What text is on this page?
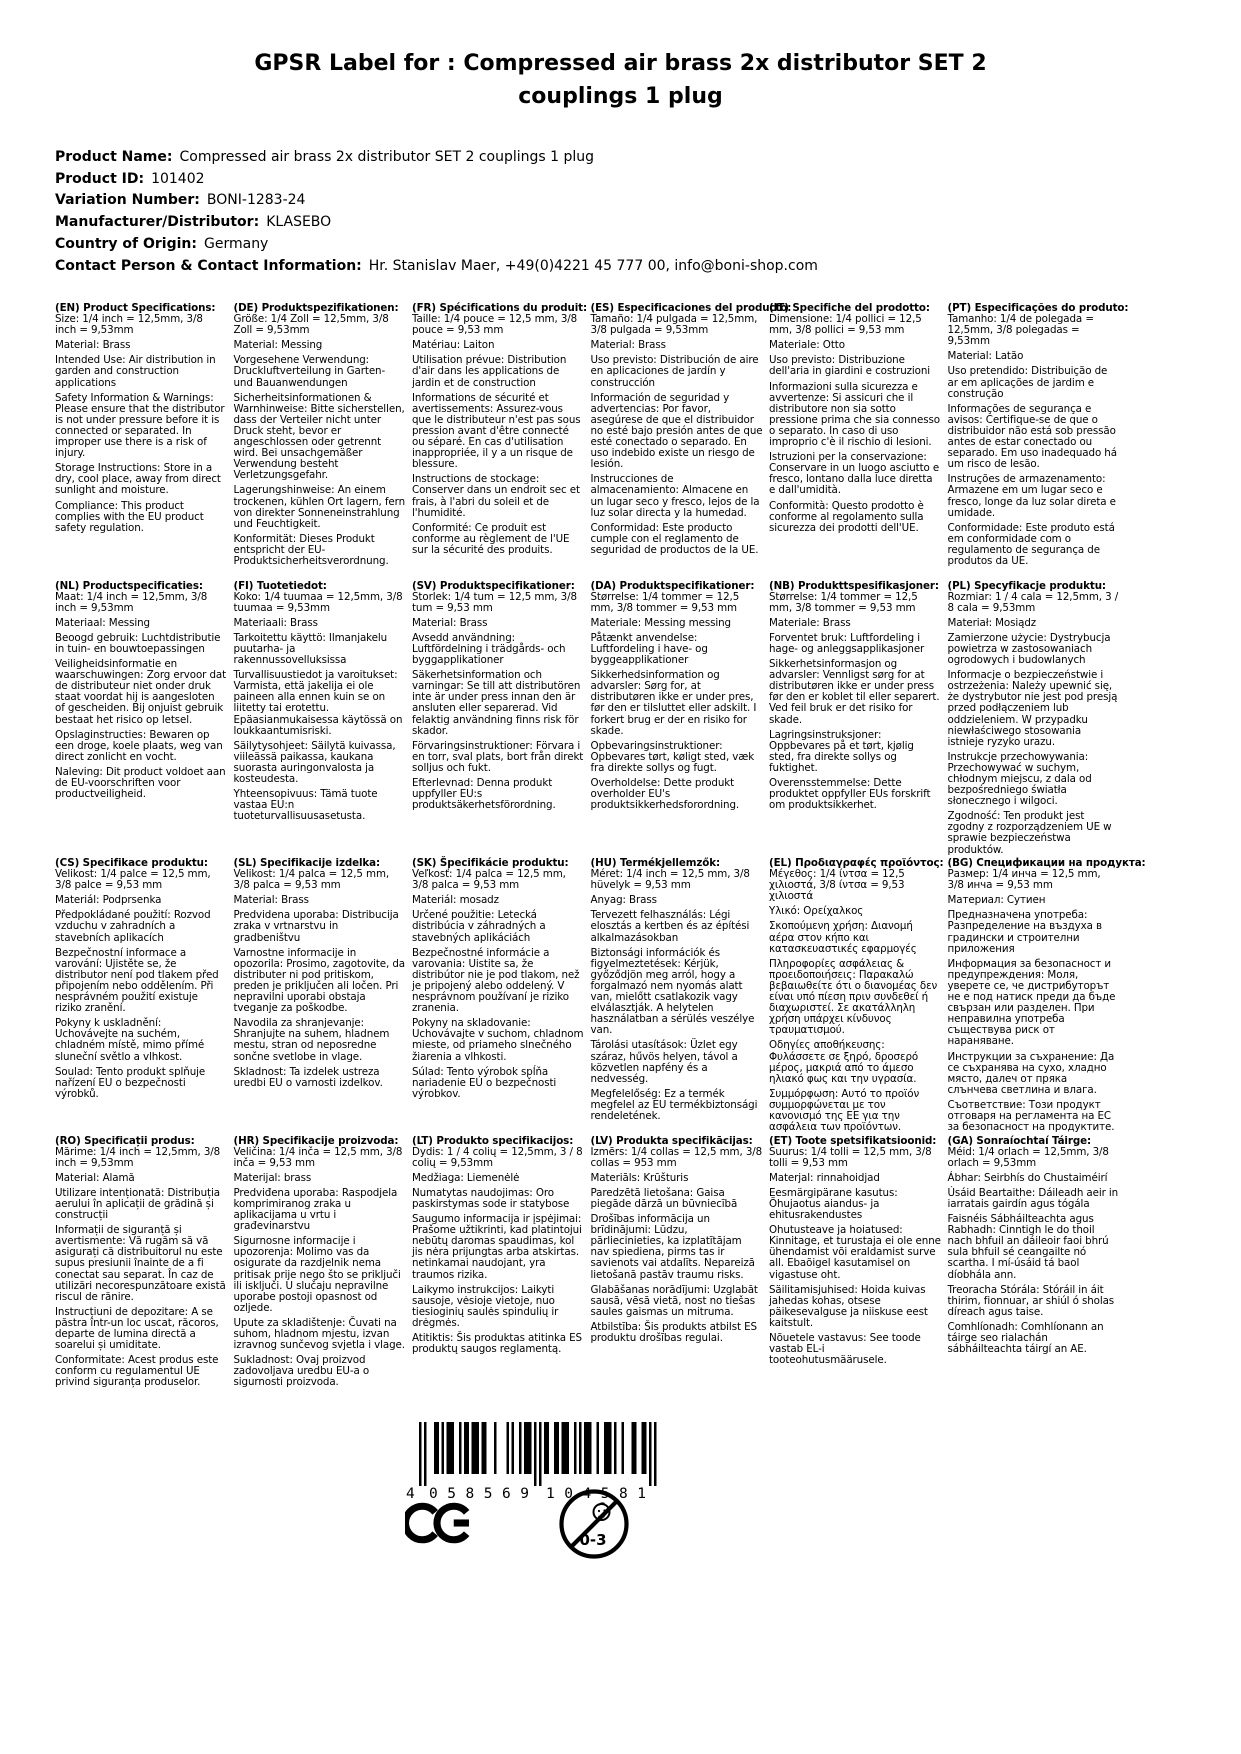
GPSR Label for : Compressed air brass 2x distributor SET 2 couplings 1 plug
Product Name: Compressed air brass 2x distributor SET 2 couplings 1 plug
Product ID: 101402
Variation Number: BONI-1283-24
Manufacturer/Distributor: KLASEBO
Country of Origin: Germany
Contact Person & Contact Information: Hr. Stanislav Maer, +49(0)4221 45 777 00, info@boni-shop.com
(EN) Product Specifications:
Size: 1/4 inch = 12,5mm, 3/8 inch = 9,53mm
Material: Brass
Intended Use: Air distribution in garden and construction applications
Safety Information & Warnings: Please ensure that the distributor is not under pressure before it is connected or separated. In improper use there is a risk of injury.
Storage Instructions: Store in a dry, cool place, away from direct sunlight and moisture.
Compliance: This product complies with the EU product safety regulation.
(DE) Produktspezifikationen:
Größe: 1/4 Zoll = 12,5mm, 3/8 Zoll = 9,53mm
Material: Messing
Vorgesehene Verwendung: Druckluftverteilung in Garten- und Bauanwendungen
Sicherheitsinformationen & Warnhinweise: Bitte sicherstellen, dass der Verteiler nicht unter Druck steht, bevor er angeschlossen oder getrennt wird. Bei unsachgemäßer Verwendung besteht Verletzungsgefahr.
Lagerungshinweise: An einem trockenen, kühlen Ort lagern, fern von direkter Sonneneinstrahlung und Feuchtigkeit.
Konformität: Dieses Produkt entspricht der EU-Produktsicherheitsverordnung.
(FR) Spécifications du produit:
Taille: 1/4 pouce = 12,5 mm, 3/8 pouce = 9,53 mm
Matériau: Laiton
Utilisation prévue: Distribution d'air dans les applications de jardin et de construction
Informations de sécurité et avertissements: Assurez-vous que le distributeur n'est pas sous pression avant d'être connecté ou séparé. En cas d'utilisation inappropriée, il y a un risque de blessure.
Instructions de stockage: Conserver dans un endroit sec et frais, à l'abri du soleil et de l'humidité.
Conformité: Ce produit est conforme au règlement de l'UE sur la sécurité des produits.
(ES) Especificaciones del producto:
Tamaño: 1/4 pulgada = 12,5mm, 3/8 pulgada = 9,53mm
Material: Brass
Uso previsto: Distribución de aire en aplicaciones de jardín y construcción
Información de seguridad y advertencias: Por favor, asegúrese de que el distribuidor no esté bajo presión antes de que esté conectado o separado. En uso indebido existe un riesgo de lesión.
Instrucciones de almacenamiento: Almacene en un lugar seco y fresco, lejos de la luz solar directa y la humedad.
Conformidad: Este producto cumple con el reglamento de seguridad de productos de la UE.
(IT) Specifiche del prodotto:
Dimensione: 1/4 pollici = 12,5 mm, 3/8 pollici = 9,53 mm
Materiale: Otto
Uso previsto: Distribuzione dell'aria in giardini e costruzioni
Informazioni sulla sicurezza e avvertenze: Si assicuri che il distributore non sia sotto pressione prima che sia connesso o separato. In caso di uso improprio c'è il rischio di lesioni.
Istruzioni per la conservazione: Conservare in un luogo asciutto e fresco, lontano dalla luce diretta e dall'umidità.
Conformità: Questo prodotto è conforme al regolamento sulla sicurezza dei prodotti dell'UE.
(PT) Especificações do produto:
Tamanho: 1/4 de polegada = 12,5mm, 3/8 polegadas = 9,53mm
Material: Latão
Uso pretendido: Distribuição de ar em aplicações de jardim e construção
Informações de segurança e avisos: Certifique-se de que o distribuidor não está sob pressão antes de estar conectado ou separado. Em uso inadequado há um risco de lesão.
Instruções de armazenamento: Armazene em um lugar seco e fresco, longe da luz solar direta e umidade.
Conformidade: Este produto está em conformidade com o regulamento de segurança de produtos da UE.
(NL) Productspecificaties:
Maat: 1/4 inch = 12,5mm, 3/8 inch = 9,53mm
Materiaal: Messing
Beoogd gebruik: Luchtdistributie in tuin- en bouwtoepassingen
Veiligheidsinformatie en waarschuwingen: Zorg ervoor dat de distributeur niet onder druk staat voordat hij is aangesloten of gescheiden. Bij onjuist gebruik bestaat het risico op letsel.
Opslaginstructies: Bewaren op een droge, koele plaats, weg van direct zonlicht en vocht.
Naleving: Dit product voldoet aan de EU-voorschriften voor productveiligheid.
(FI) Tuotetiedot:
Koko: 1/4 tuumaa = 12,5mm, 3/8 tuumaa = 9,53mm
Materiaali: Brass
Tarkoitettu käyttö: Ilmanjakelu puutarha- ja rakennussovelluksissa
Turvallisuustiedot ja varoitukset: Varmista, että jakelija ei ole paineen alla ennen kuin se on liitetty tai erotettu. Epäasianmukaisessa käytössä on loukkaantumisriski.
Säilytysohjeet: Säilytä kuivassa, viileässä paikassa, kaukana suorasta auringonvalosta ja kosteudesta.
Yhteensopivuus: Tämä tuote vastaa EU:n tuoteturvallisuusasetusta.
(SV) Produktspecifikationer:
Storlek: 1/4 tum = 12,5 mm, 3/8 tum = 9,53 mm
Material: Brass
Avsedd användning: Luftfördelning i trädgårds- och byggapplikationer
Säkerhetsinformation och varningar: Se till att distributören inte är under press innan den är ansluten eller separerad. Vid felaktig användning finns risk för skador.
Förvaringsinstruktioner: Förvara i en torr, sval plats, bort från direkt solljus och fukt.
Efterlevnad: Denna produkt uppfyller EU:s produktsäkerhetsförordning.
(DA) Produktspecifikationer:
Størrelse: 1/4 tommer = 12,5 mm, 3/8 tommer = 9,53 mm
Materiale: Messing messing
Påtænkt anvendelse: Luftfordeling i have- og byggeapplikationer
Sikkerhedsinformation og advarsler: Sørg for, at distributøren ikke er under pres, før den er tilsluttet eller adskilt. I forkert brug er der en risiko for skade.
Opbevaringsinstruktioner: Opbevares tørt, køligt sted, væk fra direkte sollys og fugt.
Overholdelse: Dette produkt overholder EU's produktsikkerhedsforordning.
(NB) Produkttspesifikasjoner:
Størrelse: 1/4 tommer = 12,5 mm, 3/8 tommer = 9,53 mm
Materiale: Brass
Forventet bruk: Luftfordeling i hage- og anleggsapplikasjoner
Sikkerhetsinformasjon og advarsler: Vennligst sørg for at distributøren ikke er under press før den er koblet til eller separert. Ved feil bruk er det risiko for skade.
Lagringsinstruksjoner: Oppbevares på et tørt, kjølig sted, fra direkte sollys og fuktighet.
Overensstemmelse: Dette produktet oppfyller EUs forskrift om produktsikkerhet.
(PL) Specyfikacje produktu:
Rozmiar: 1 / 4 cala = 12,5mm, 3 / 8 cala = 9,53mm
Materiał: Mosiądz
Zamierzone użycie: Dystrybucja powietrza w zastosowaniach ogrodowych i budowlanych
Informacje o bezpieczeństwie i ostrzeżenia: Należy upewnić się, że dystrybutor nie jest pod presją przed podłączeniem lub oddzieleniem. W przypadku niewłaściwego stosowania istnieje ryzyko urazu.
Instrukcje przechowywania: Przechowywać w suchym, chłodnym miejscu, z dala od bezpośredniego światła słonecznego i wilgoci.
Zgodność: Ten produkt jest zgodny z rozporządzeniem UE w sprawie bezpieczeństwa produktów.
(CS) Specifikace produktu:
Velikost: 1/4 palce = 12,5 mm, 3/8 palce = 9,53 mm
Materiál: Podprsenka
Předpokládané použití: Rozvod vzduchu v zahradních a stavebních aplikacích
Bezpečnostní informace a varování: Ujistěte se, že distributor není pod tlakem před připojením nebo oddělením. Při nesprávném použití existuje riziko zranění.
Pokyny k uskladnění: Uchovávejte na suchém, chladném místě, mimo přímé sluneční světlo a vlhkost.
Soulad: Tento produkt splňuje nařízení EU o bezpečnosti výrobků.
(SL) Specifikacije izdelka:
Velikost: 1/4 palca = 12,5 mm, 3/8 palca = 9,53 mm
Material: Brass
Predvidena uporaba: Distribucija zraka v vrtnarstvu in gradbeništvu
Varnostne informacije in opozorila: Prosimo, zagotovite, da distributer ni pod pritiskom, preden je priključen ali ločen. Pri nepravilni uporabi obstaja tveganje za poškodbe.
Navodila za shranjevanje: Shranjujte na suhem, hladnem mestu, stran od neposredne sončne svetlobe in vlage.
Skladnost: Ta izdelek ustreza uredbi EU o varnosti izdelkov.
(SK) Špecifikácie produktu:
Veľkosť: 1/4 palca = 12,5 mm, 3/8 palca = 9,53 mm
Materiál: mosadz
Určené použitie: Letecká distribúcia v záhradných a stavebných aplikáciách
Bezpečnostné informácie a varovania: Uistite sa, že distribútor nie je pod tlakom, než je pripojený alebo oddelený. V nesprávnom používaní je riziko zranenia.
Pokyny na skladovanie: Uchovávajte v suchom, chladnom mieste, od priameho slnečného žiarenia a vlhkosti.
Súlad: Tento výrobok spĺňa nariadenie EÚ o bezpečnosti výrobkov.
(HU) Termékjellemzők:
Méret: 1/4 inch = 12,5 mm, 3/8 hüvelyk = 9,53 mm
Anyag: Brass
Tervezett felhasználás: Légi elosztás a kertben és az építési alkalmazásokban
Biztonsági információk és figyelmeztetések: Kérjük, győződjön meg arról, hogy a forgalmazó nem nyomás alatt van, mielőtt csatlakozik vagy elválasztják. A helytelen használatban a sérülés veszélye van.
Tárolási utasítások: Üzlet egy száraz, hűvös helyen, távol a közvetlen napfény és a nedvesség.
Megfelelőség: Ez a termék megfelel az EU termékbiztonsági rendeletének.
(EL) Προδιαγραφές προϊόντος:
Μέγεθος: 1/4 ίντσα = 12,5 χιλιοστά, 3/8 ίντσα = 9,53 χιλιοστά
Υλικό: Ορείχαλκος
Σκοπούμενη χρήση: Διανομή αέρα στον κήπο και κατασκευαστικές εφαρμογές
Πληροφορίες ασφάλειας & προειδοποιήσεις: Παρακαλώ βεβαιωθείτε ότι ο διανομέας δεν είναι υπό πίεση πριν συνδεθεί ή διαχωριστεί. Σε ακατάλληλη χρήση υπάρχει κίνδυνος τραυματισμού.
Οδηγίες αποθήκευσης: Φυλάσσετε σε ξηρό, δροσερό μέρος, μακριά από το άμεσο ηλιακό φως και την υγρασία.
Συμμόρφωση: Αυτό το προϊόν συμμορφώνεται με τον κανονισμό της ΕΕ για την ασφάλεια των προϊόντων.
(BG) Спецификации на продукта:
Размер: 1/4 инча = 12,5 mm, 3/8 инча = 9,53 mm
Материал: Сутиен
Предназначена употреба: Разпределение на въздуха в градински и строителни приложения
Информация за безопасност и предупреждения: Моля, уверете се, че дистрибуторът не е под натиск преди да бъде свързан или разделен. При неправилна употреба съществува риск от нараняване.
Инструкции за съхранение: Да се съхранява на сухо, хладно място, далеч от пряка слънчева светлина и влага.
Съответствие: Този продукт отговаря на регламента на ЕС за безопасност на продуктите.
(RO) Specificații produs:
Mărime: 1/4 inch = 12,5mm, 3/8 inch = 9,53mm
Material: Alamă
Utilizare intenționată: Distribuția aerului în aplicații de grădină și construcții
Informații de siguranță și avertismente: Vă rugăm să vă asigurați că distribuitorul nu este supus presiunii înainte de a fi conectat sau separat. În caz de utilizări necorespunzătoare există riscul de rănire.
Instrucțiuni de depozitare: A se păstra într-un loc uscat, răcoros, departe de lumina directă a soarelui și umiditate.
Conformitate: Acest produs este conform cu regulamentul UE privind siguranța produselor.
(HR) Specifikacije proizvoda:
Veličina: 1/4 inča = 12,5 mm, 3/8 inča = 9,53 mm
Materijal: brass
Predviđena uporaba: Raspodjela komprimiranog zraka u aplikacijama u vrtu i građevinarstvu
Sigurnosne informacije i upozorenja: Molimo vas da osigurate da razdjelnik nema pritisak prije nego što se priključi ili isključi. U slučaju nepravilne uporabe postoji opasnost od ozljede.
Upute za skladištenje: Čuvati na suhom, hladnom mjestu, izvan izravnog sunčevog svjetla i vlage.
Sukladnost: Ovaj proizvod zadovoljava uredbu EU-a o sigurnosti proizvoda.
(LT) Produkto specifikacijos:
Dydis: 1 / 4 colių = 12,5mm, 3 / 8 colių = 9,53mm
Medžiaga: Liemenėlė
Numatytas naudojimas: Oro paskirstymas sode ir statybose
Saugumo informacija ir įspėjimai: Prašome užtikrinti, kad platintojui nebūtų daromas spaudimas, kol jis nėra prijungtas arba atskirtas. netinkamai naudojant, yra traumos rizika.
Laikymo instrukcijos: Laikyti sausoje, vėsioje vietoje, nuo tiesioginių saulės spindulių ir drėgmės.
Atitiktis: Šis produktas atitinka ES produktų saugos reglamentą.
(LV) Produkta specifikācijas:
Izmērs: 1/4 collas = 12,5 mm, 3/8 collas = 953 mm
Materiāls: Krūšturis
Paredzētā lietošana: Gaisa piegāde dārzā un būvniecībā
Drošības informācija un brīdinājumi: Lūdzu, pārliecinieties, ka izplatītājam nav spiediena, pirms tas ir savienots vai atdalīts. Nepareizā lietošanā pastāv traumu risks.
Glabāšanas norādījumi: Uzglabāt sausā, vēsā vietā, nost no tiešas saules gaismas un mitruma.
Atbilstība: Šis produkts atbilst ES produktu drošības regulai.
(ET) Toote spetsifikatsioonid:
Suurus: 1/4 tolli = 12,5 mm, 3/8 tolli = 9,53 mm
Materjal: rinnahoidjad
Eesmärgipärane kasutus: Õhujaotus aiandus- ja ehitusrakendustes
Ohutusteave ja hoiatused: Kinnitage, et turustaja ei ole enne ühendamist või eraldamist surve all. Ebaõigel kasutamisel on vigastuse oht.
Säilitamisjuhised: Hoida kuivas jahedas kohas, otsese päikesevalguse ja niiskuse eest kaitstult.
Nõuetele vastavus: See toode vastab EL-i tooteohutusmäärusele.
(GA) Sonraíochtaí Táirge:
Méid: 1/4 orlach = 12,5mm, 3/8 orlach = 9,53mm
Ábhar: Seirbhís do Chustaiméirí
Úsáid Beartaithe: Dáileadh aeir in iarratais gairdín agus tógála
Faisnéis Sábháilteachta agus Rabhadh: Cinntigh le do thoil nach bhfuil an dáileoir faoi bhrú sula bhfuil sé ceangailte nó scartha. I mí-úsáid tá baol díobhála ann.
Treoracha Stórála: Stóráil in áit thirim, fionnuar, ar shiúl ó sholas díreach agus taise.
Comhlíonadh: Comhlíonann an táirge seo rialachán sábháilteachta táirgí an AE.
4 058569 104581
0-3
